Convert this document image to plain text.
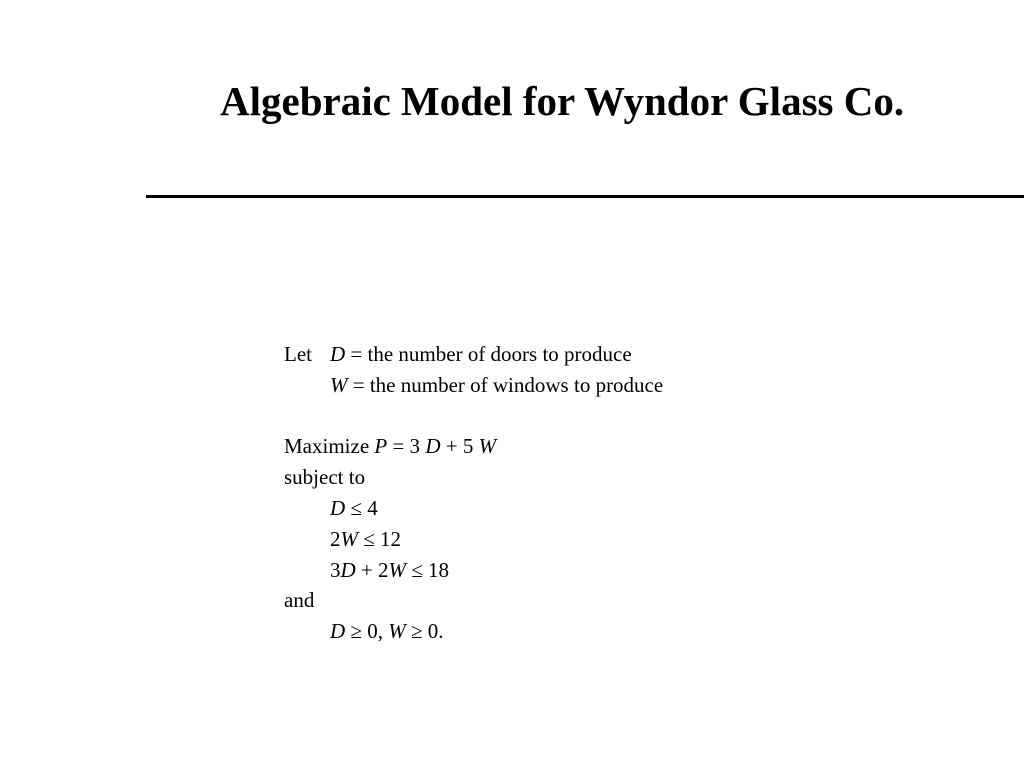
Algebraic Model for Wyndor Glass Co.
Let D = the number of doors to produce
W = the number of windows to produce
Maximize P = 3 D + 5 W
subject to
D ≤ 4
2W ≤ 12
3D + 2W ≤ 18
and
D ≥ 0, W ≥ 0.
